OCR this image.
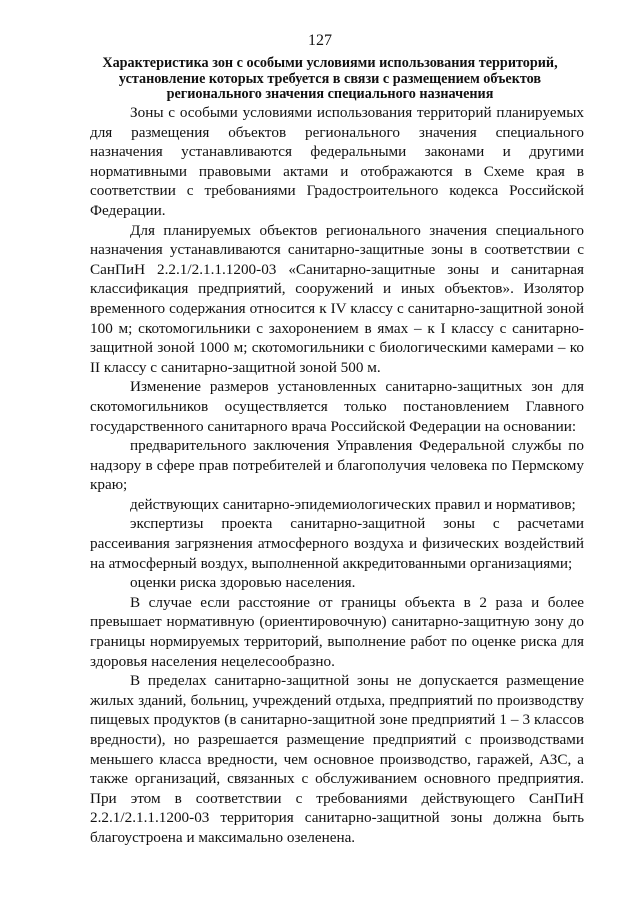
127
Характеристика зон с особыми условиями использования территорий,
установление которых требуется в связи с размещением объектов
регионального значения специального назначения

Зоны с особыми условиями использования территорий планируемых для размещения объектов регионального значения специального назначения устанавливаются федеральными законами и другими нормативными правовыми актами и отображаются в Схеме края в соответствии с требованиями Градостроительного кодекса Российской Федерации.

Для планируемых объектов регионального значения специального назначения устанавливаются санитарно-защитные зоны в соответствии с СанПиН 2.2.1/2.1.1.1200-03 «Санитарно-защитные зоны и санитарная классификация предприятий, сооружений и иных объектов». Изолятор временного содержания относится к IV классу с санитарно-защитной зоной 100 м; скотомогильники с захоронением в ямах – к I классу с санитарно-защитной зоной 1000 м; скотомогильники с биологическими камерами – ко II классу с санитарно-защитной зоной 500 м.

Изменение размеров установленных санитарно-защитных зон для скотомогильников осуществляется только постановлением Главного государственного санитарного врача Российской Федерации на основании:

предварительного заключения Управления Федеральной службы по надзору в сфере прав потребителей и благополучия человека по Пермскому краю;

действующих санитарно-эпидемиологических правил и нормативов;

экспертизы проекта санитарно-защитной зоны с расчетами рассеивания загрязнения атмосферного воздуха и физических воздействий на атмосферный воздух, выполненной аккредитованными организациями;

оценки риска здоровью населения.

В случае если расстояние от границы объекта в 2 раза и более превышает нормативную (ориентировочную) санитарно-защитную зону до границы нормируемых территорий, выполнение работ по оценке риска для здоровья населения нецелесообразно.

В пределах санитарно-защитной зоны не допускается размещение жилых зданий, больниц, учреждений отдыха, предприятий по производству пищевых продуктов (в санитарно-защитной зоне предприятий 1 – 3 классов вредности), но разрешается размещение предприятий с производствами меньшего класса вредности, чем основное производство, гаражей, АЗС, а также организаций, связанных с обслуживанием основного предприятия. При этом в соответствии с требованиями действующего СанПиН 2.2.1/2.1.1.1200-03 территория санитарно-защитной зоны должна быть благоустроена и максимально озеленена.
